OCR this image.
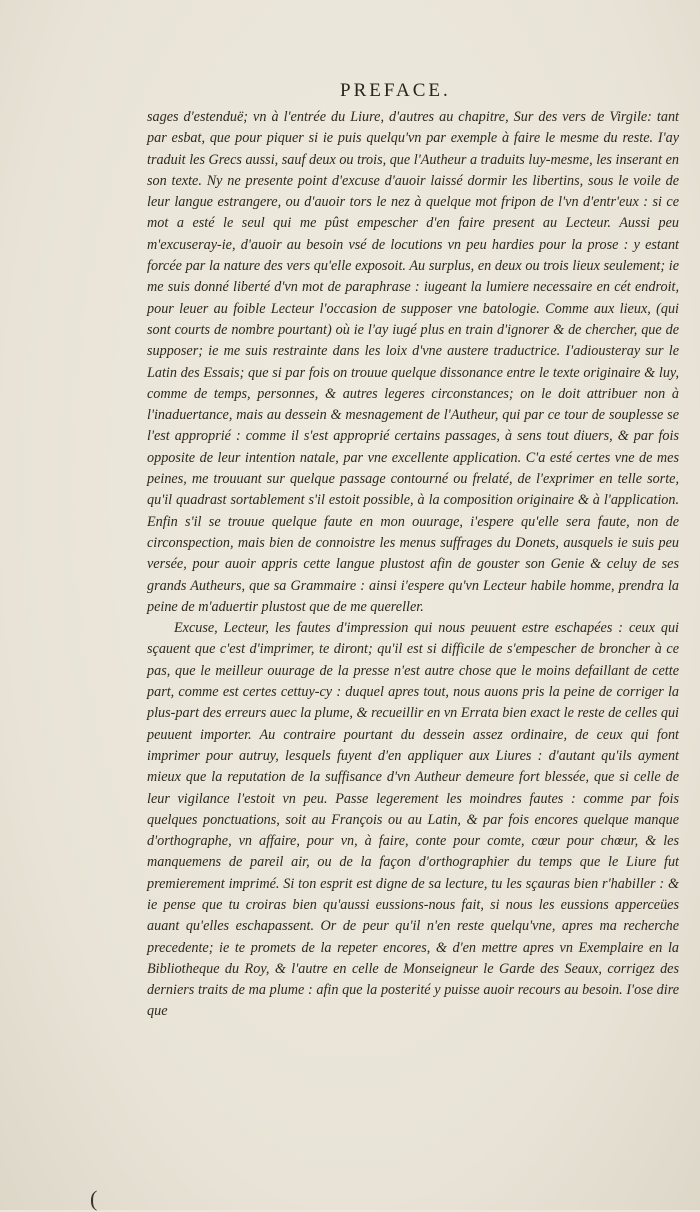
PREFACE.

sages d'estenduë; vn à l'entrée du Liure, d'autres au chapitre, Sur des vers de Virgile: tant par esbat, que pour piquer si ie puis quelqu'vn par exemple à faire le mesme du reste. I'ay traduit les Grecs aussi, sauf deux ou trois, que l'Autheur a traduits luy-mesme, les inserant en son texte. Ny ne presente point d'excuse d'auoir laissé dormir les libertins, sous le voile de leur langue estrangere, ou d'auoir tors le nez à quelque mot fripon de l'vn d'entr'eux : si ce mot a esté le seul qui me pûst empescher d'en faire present au Lecteur. Aussi peu m'excuseray-ie, d'auoir au besoin vsé de locutions vn peu hardies pour la prose : y estant forcée par la nature des vers qu'elle exposoit. Au surplus, en deux ou trois lieux seulement; ie me suis donné liberté d'vn mot de paraphrase : iugeant la lumiere necessaire en cét endroit, pour leuer au foible Lecteur l'occasion de supposer vne batologie. Comme aux lieux, (qui sont courts de nombre pourtant) où ie l'ay iugé plus en train d'ignorer & de chercher, que de supposer; ie me suis restrainte dans les loix d'vne austere traductrice. I'adiousteray sur le Latin des Essais; que si par fois on trouue quelque dissonance entre le texte originaire & luy, comme de temps, personnes, & autres legeres circonstances; on le doit attribuer non à l'inaduertance, mais au dessein & mesnagement de l'Autheur, qui par ce tour de souplesse se l'est approprié : comme il s'est approprié certains passages, à sens tout diuers, & par fois opposite de leur intention natale, par vne excellente application. C'a esté certes vne de mes peines, me trouuant sur quelque passage contourné ou frelaté, de l'exprimer en telle sorte, qu'il quadrast sortablement s'il estoit possible, à la composition originaire & à l'application. Enfin s'il se trouue quelque faute en mon ouurage, i'espere qu'elle sera faute, non de circonspection, mais bien de connoistre les menus suffrages du Donets, ausquels ie suis peu versée, pour auoir appris cette langue plustost afin de gouster son Genie & celuy de ses grands Autheurs, que sa Grammaire : ainsi i'espere qu'vn Lecteur habile homme, prendra la peine de m'aduertir plustost que de me quereller.

Excuse, Lecteur, les fautes d'impression qui nous peuuent estre eschapées : ceux qui sçauent que c'est d'imprimer, te diront; qu'il est si difficile de s'empescher de broncher à ce pas, que le meilleur ouurage de la presse n'est autre chose que le moins defaillant de cette part, comme est certes cettuy-cy : duquel apres tout, nous auons pris la peine de corriger la plus-part des erreurs auec la plume, & recueillir en vn Errata bien exact le reste de celles qui peuuent importer. Au contraire pourtant du dessein assez ordinaire, de ceux qui font imprimer pour autruy, lesquels fuyent d'en appliquer aux Liures : d'autant qu'ils ayment mieux que la reputation de la suffisance d'vn Autheur demeure fort blessée, que si celle de leur vigilance l'estoit vn peu. Passe legerement les moindres fautes : comme par fois quelques ponctuations, soit au François ou au Latin, & par fois encores quelque manque d'orthographe, vn affaire, pour vn, à faire, conte pour comte, cœur pour chœur, & les manquemens de pareil air, ou de la façon d'orthographier du temps que le Liure fut premierement imprimé. Si ton esprit est digne de sa lecture, tu les sçauras bien r'habiller : & ie pense que tu croiras bien qu'aussi eussions-nous fait, si nous les eussions apperceües auant qu'elles eschapassent. Or de peur qu'il n'en reste quelqu'vne, apres ma recherche precedente; ie te promets de la repeter encores, & d'en mettre apres vn Exemplaire en la Bibliotheque du Roy, & l'autre en celle de Monseigneur le Garde des Seaux, corrigez des derniers traits de ma plume : afin que la posterité y puisse auoir recours au besoin. I'ose dire que

(
